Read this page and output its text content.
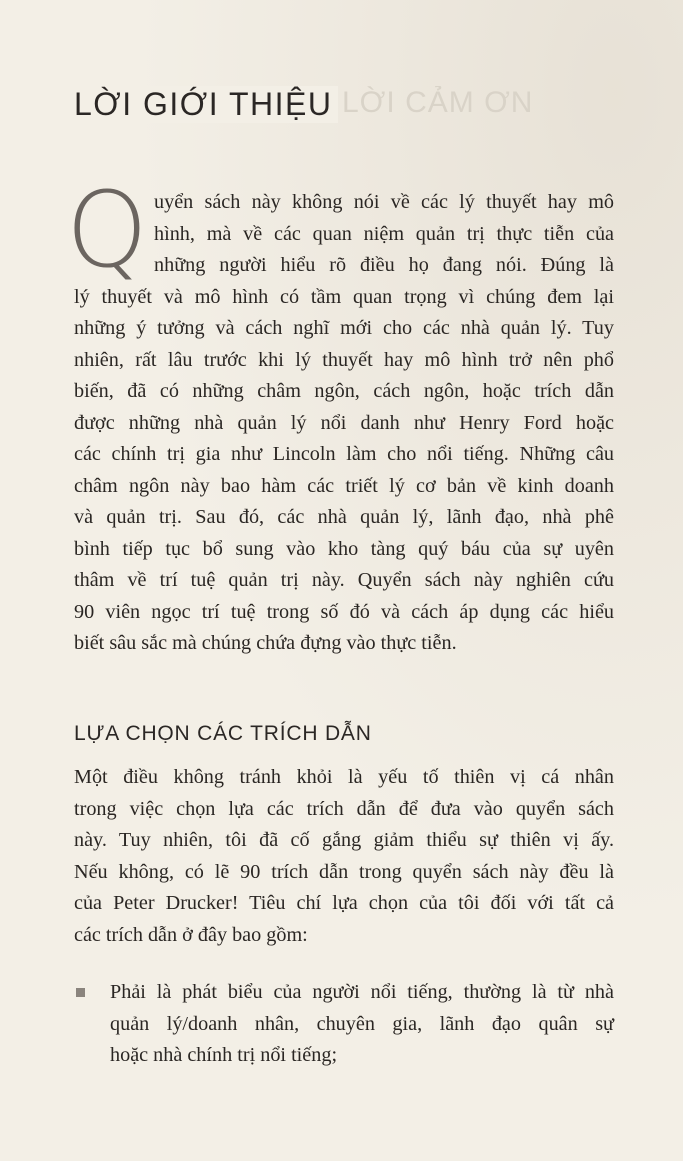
LỜI CẢM ƠN
LỜI GIỚI THIỆU
Q uyển sách này không nói về các lý thuyết hay mô
hình, mà về các quan niệm quản trị thực tiễn của
những người hiểu rõ điều họ đang nói. Đúng là
lý thuyết và mô hình có tầm quan trọng vì chúng đem lại
những ý tưởng và cách nghĩ mới cho các nhà quản lý. Tuy
nhiên, rất lâu trước khi lý thuyết hay mô hình trở nên phổ
biến, đã có những châm ngôn, cách ngôn, hoặc trích dẫn
được những nhà quản lý nổi danh như Henry Ford hoặc
các chính trị gia như Lincoln làm cho nổi tiếng. Những câu
châm ngôn này bao hàm các triết lý cơ bản về kinh doanh
và quản trị. Sau đó, các nhà quản lý, lãnh đạo, nhà phê
bình tiếp tục bổ sung vào kho tàng quý báu của sự uyên
thâm về trí tuệ quản trị này. Quyển sách này nghiên cứu
90 viên ngọc trí tuệ trong số đó và cách áp dụng các hiểu
biết sâu sắc mà chúng chứa đựng vào thực tiễn.
LỰA CHỌN CÁC TRÍCH DẪN
Một điều không tránh khỏi là yếu tố thiên vị cá nhân
trong việc chọn lựa các trích dẫn để đưa vào quyển sách
này. Tuy nhiên, tôi đã cố gắng giảm thiểu sự thiên vị ấy.
Nếu không, có lẽ 90 trích dẫn trong quyển sách này đều là
của Peter Drucker! Tiêu chí lựa chọn của tôi đối với tất cả
các trích dẫn ở đây bao gồm:
Phải là phát biểu của người nổi tiếng, thường là từ nhà
quản lý/doanh nhân, chuyên gia, lãnh đạo quân sự
hoặc nhà chính trị nổi tiếng;
